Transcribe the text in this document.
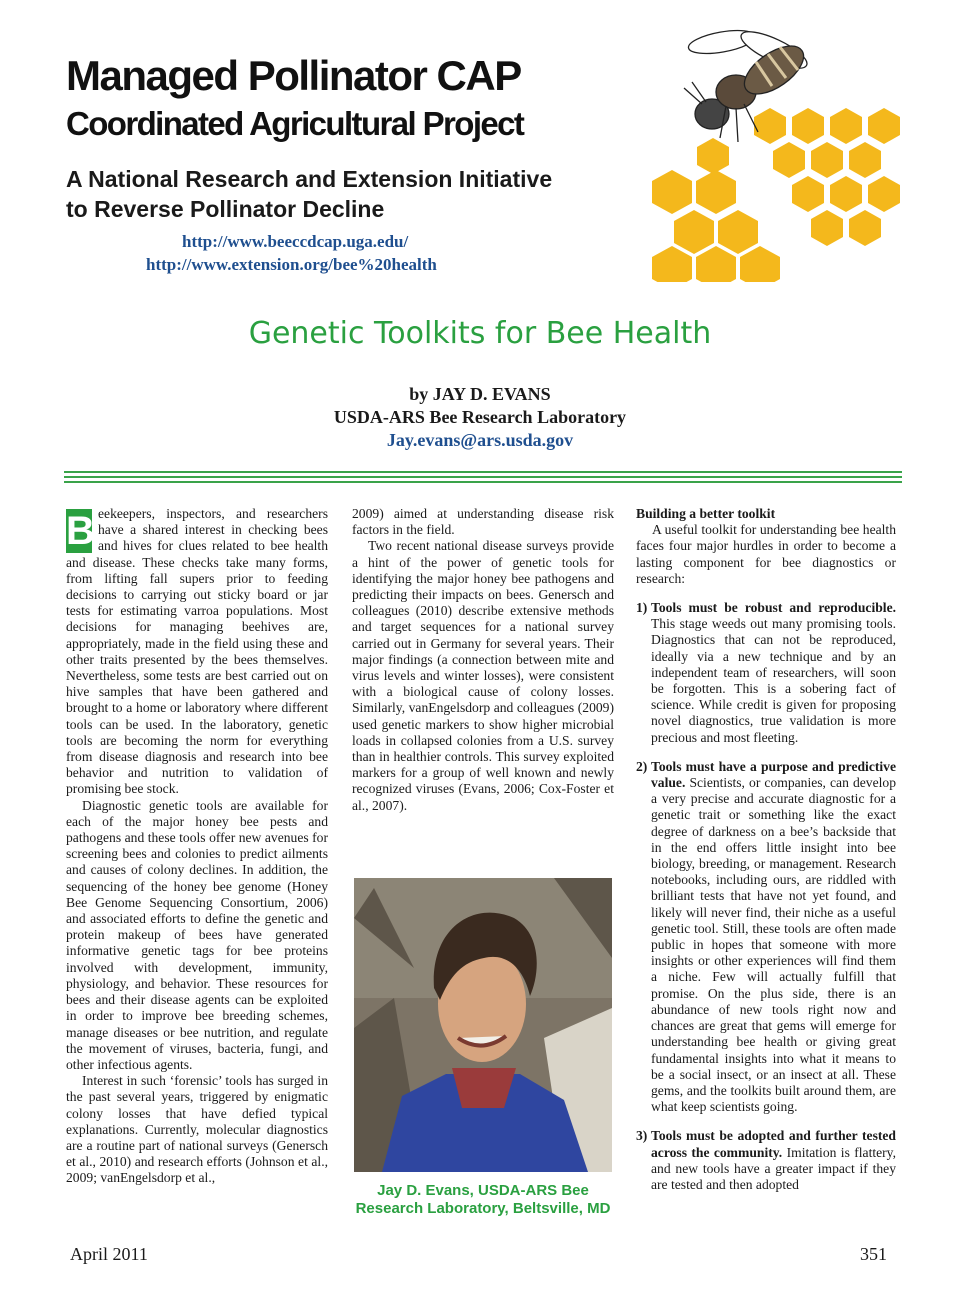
Managed Pollinator CAP
Coordinated Agricultural Project
A National Research and Extension Initiative
to Reverse Pollinator Decline
http://www.beeccdcap.uga.edu/
http://www.extension.org/bee%20health
Genetic Toolkits for Bee Health
by JAY D. EVANS
USDA-ARS Bee Research Laboratory
Jay.evans@ars.usda.gov

B eekeepers, inspectors, and researchers have a shared interest in checking bees and hives for clues related to bee health and disease. These checks take many forms, from lifting fall supers prior to feeding decisions to carrying out sticky board or jar tests for estimating varroa populations. Most decisions for managing beehives are, appropriately, made in the field using these and other traits presented by the bees themselves. Nevertheless, some tests are best carried out on hive samples that have been gathered and brought to a home or laboratory where different tools can be used. In the laboratory, genetic tools are becoming the norm for everything from disease diagnosis and research into bee behavior and nutrition to validation of promising bee stock.

Diagnostic genetic tools are available for each of the major honey bee pests and pathogens and these tools offer new avenues for screening bees and colonies to predict ailments and causes of colony declines. In addition, the sequencing of the honey bee genome (Honey Bee Genome Sequencing Consortium, 2006) and associated efforts to define the genetic and protein makeup of bees have generated informative genetic tags for bee proteins involved with development, immunity, physiology, and behavior. These resources for bees and their disease agents can be exploited in order to improve bee breeding schemes, manage diseases or bee nutrition, and regulate the movement of viruses, bacteria, fungi, and other infectious agents.

Interest in such ‘forensic’ tools has surged in the past several years, triggered by enigmatic colony losses that have defied typical explanations. Currently, molecular diagnostics are a routine part of national surveys (Genersch et al., 2010) and research efforts (Johnson et al., 2009; vanEngelsdorp et al.,

2009) aimed at understanding disease risk factors in the field.

Two recent national disease surveys provide a hint of the power of genetic tools for identifying the major honey bee pathogens and predicting their impacts on bees. Genersch and colleagues (2010) describe extensive methods and target sequences for a national survey carried out in Germany for several years. Their major findings (a connection between mite and virus levels and winter losses), were consistent with a biological cause of colony losses. Similarly, vanEngelsdorp and colleagues (2009) used genetic markers to show higher microbial loads in collapsed colonies from a U.S. survey than in healthier controls. This survey exploited markers for a group of well known and newly recognized viruses (Evans, 2006; Cox-Foster et al., 2007).

Jay D. Evans, USDA-ARS Bee Research Laboratory, Beltsville, MD

Building a better toolkit

A useful toolkit for understanding bee health faces four major hurdles in order to become a lasting component for bee diagnostics or research:

1) Tools must be robust and reproducible. This stage weeds out many promising tools. Diagnostics that can not be reproduced, ideally via a new technique and by an independent team of researchers, will soon be forgotten. This is a sobering fact of science. While credit is given for proposing novel diagnostics, true validation is more precious and most fleeting.
2) Tools must have a purpose and predictive value. Scientists, or companies, can develop a very precise and accurate diagnostic for a genetic trait or something like the exact degree of darkness on a bee’s backside that in the end offers little insight into bee biology, breeding, or management. Research notebooks, including ours, are riddled with brilliant tests that have not yet found, and likely will never find, their niche as a useful genetic tool. Still, these tools are often made public in hopes that someone with more insights or other experiences will find them a niche. Few will actually fulfill that promise. On the plus side, there is an abundance of new tools right now and chances are great that gems will emerge for understanding bee health or giving great fundamental insights into what it means to be a social insect, or an insect at all. These gems, and the toolkits built around them, are what keep scientists going.
3) Tools must be adopted and further tested across the community. Imitation is flattery, and new tools have a greater impact if they are tested and then adopted
April 2011	351
